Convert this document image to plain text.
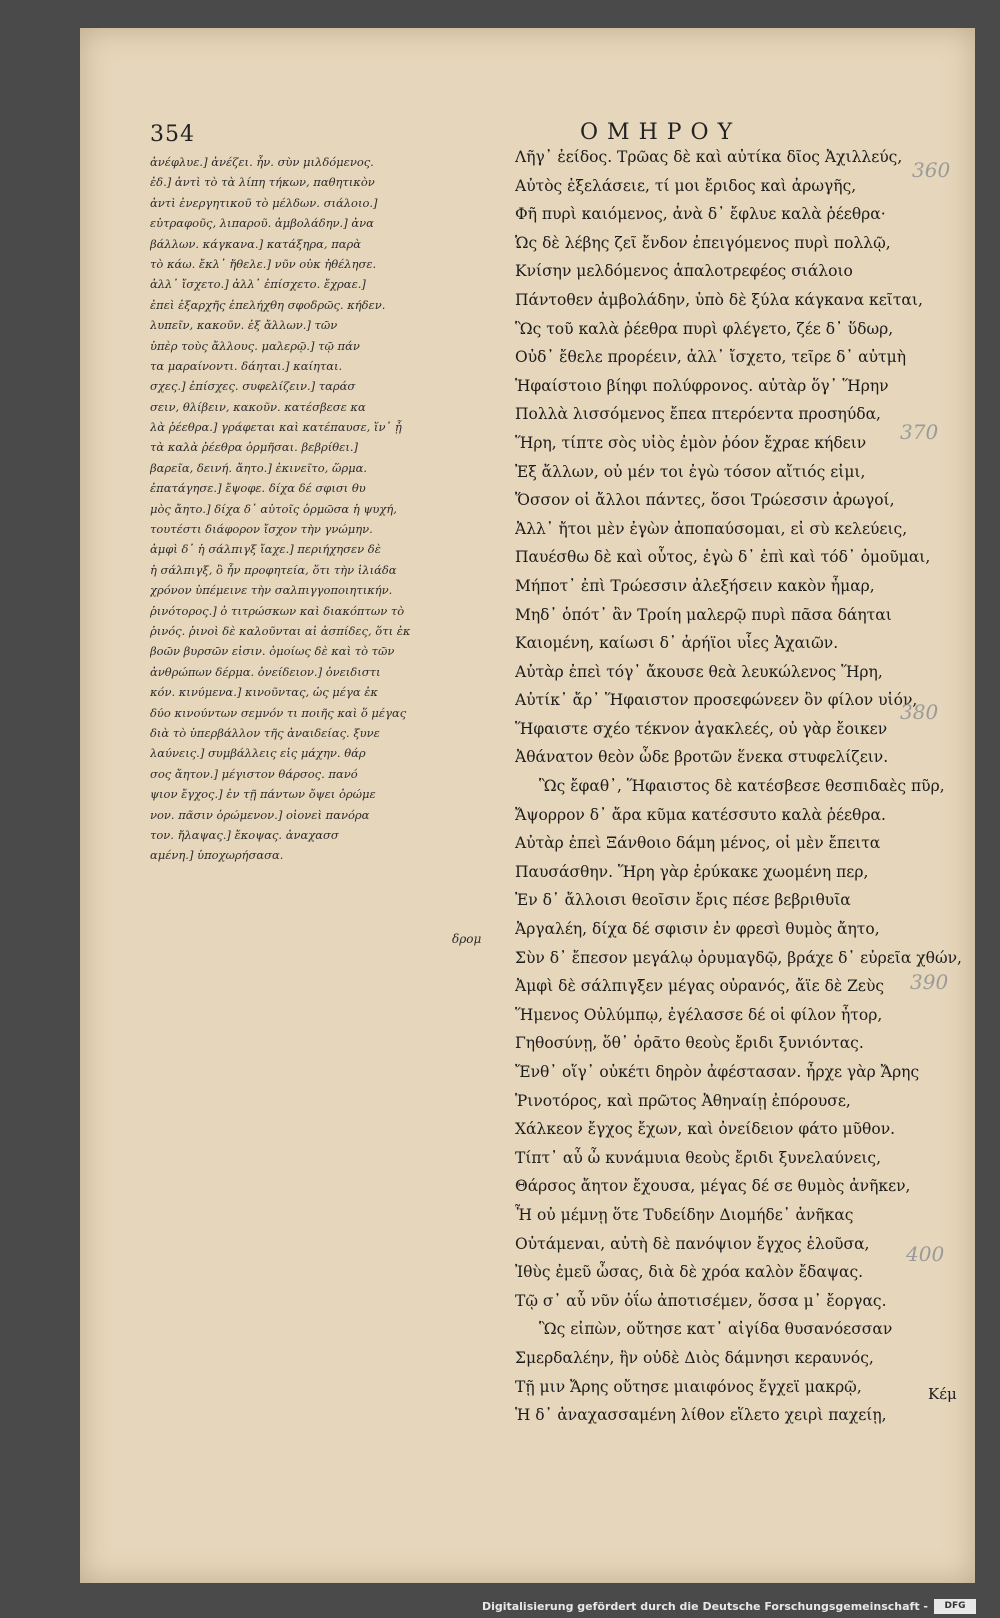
354	ΟΜΗΡΟΥ
ἀνέφλυε.] ἀνέζει. ἦν. σὺν μιλδόμενος.
ἐδ.] ἀντὶ τὸ τὰ λίπη τήκων, παθητικὸν
ἀντὶ ἐνεργητικοῦ τὸ μέλδων. σιάλοιο.]
εὐτραφοῦς, λιπαροῦ. ἀμβολάδην.] ἀνα
βάλλων. κάγκανα.] κατάξηρα, παρὰ
τὸ κάω. ἔκλ᾽ ἤθελε.] νῦν οὐκ ἠθέλησε.
ἀλλ᾽ ἴσχετο.] ἀλλ᾽ ἐπίσχετο. ἔχραε.]
ἐπεὶ ἐξαρχῆς ἐπελήχθη σφοδρῶς. κήδεν.
λυπεῖν, κακοῦν. ἐξ ἄλλων.] τῶν
ὑπὲρ τοὺς ἄλλους. μαλερῷ.] τῷ πάν
τα μαραίνοντι. δάηται.] καίηται.
σχες.] ἐπίσχες. συφελίζειν.] ταράσ
σειν, θλίβειν, κακοῦν. κατέσβεσε κα
λὰ ῥέεθρα.] γράφεται καὶ κατέπαυσε, ἵν᾽ ᾖ
τὰ καλὰ ῥέεθρα ὁρμῆσαι. βεβρίθει.]
βαρεῖα, δεινή. ἄητο.] ἐκινεῖτο, ὥρμα.
ἐπατάγησε.] ἔψοφε. δίχα δέ σφισι θυ
μὸς ἄητο.] δίχα δ᾽ αὐτοῖς ὁρμῶσα ἡ ψυχή,
τουτέστι διάφορον ἴσχον τὴν γνώμην.
ἀμφὶ δ᾽ ἡ σάλπιγξ ἴαχε.] περιήχησεν δὲ
ἡ σάλπιγξ, ὃ ἦν προφητεία, ὅτι τὴν ἰλιάδα
χρόνον ὑπέμεινε τὴν σαλπιγγοποιητικήν.
ῥινότορος.] ὁ τιτρώσκων καὶ διακόπτων τὸ
ῥινός. ῥινοὶ δὲ καλοῦνται αἱ ἀσπίδες, ὅτι ἐκ
βοῶν βυρσῶν εἰσιν. ὁμοίως δὲ καὶ τὸ τῶν
ἀνθρώπων δέρμα. ὀνείδειον.] ὀνειδιστι
κόν. κινύμενα.] κινοῦντας, ὡς μέγα ἐκ
δύο κινούντων σεμνόν τι ποιῆς καὶ ὅ μέγας
διὰ τὸ ὑπερβάλλον τῆς ἀναιδείας. ξυνε
λαύνεις.] συμβάλλεις εἰς μάχην. θάρ
σος ἄητον.] μέγιστον θάρσος. πανό
ψιον ἔγχος.] ἐν τῇ πάντων ὄψει ὁρώμε
νον. πᾶσιν ὁρώμενον.] οἱονεὶ πανόρα
τον. ἤλαψας.] ἔκοψας. ἀναχασσ
αμένη.] ὑποχωρήσασα.
δρομ
Λῆγ᾽ ἐείδος. Τρῶας δὲ καὶ αὐτίκα δῖος Ἀχιλλεύς,
Αὐτὸς ἐξελάσειε, τί μοι ἔριδος καὶ ἀρωγῆς,
Φῆ πυρὶ καιόμενος, ἀνὰ δ᾽ ἔφλυε καλὰ ῥέεθρα·
Ὡς δὲ λέβης ζεῖ ἔνδον ἐπειγόμενος πυρὶ πολλῷ,
Κνίσην μελδόμενος ἁπαλοτρεφέος σιάλοιο
Πάντοθεν ἀμβολάδην, ὑπὸ δὲ ξύλα κάγκανα κεῖται,
Ὣς τοῦ καλὰ ῥέεθρα πυρὶ φλέγετο, ζέε δ᾽ ὕδωρ,
Οὐδ᾽ ἔθελε προρέειν, ἀλλ᾽ ἴσχετο, τεῖρε δ᾽ αὐτμὴ
Ἡφαίστοιο βίηφι πολύφρονος. αὐτὰρ ὅγ᾽ Ἥρην
Πολλὰ λισσόμενος ἔπεα πτερόεντα προσηύδα,
Ἥρη, τίπτε σὸς υἱὸς ἐμὸν ῥόον ἔχραε κήδειν
Ἐξ ἄλλων, οὐ μέν τοι ἐγὼ τόσον αἴτιός εἰμι,
Ὅσσον οἱ ἄλλοι πάντες, ὅσοι Τρώεσσιν ἀρωγοί,
Ἀλλ᾽ ἤτοι μὲν ἐγὼν ἀποπαύσομαι, εἰ σὺ κελεύεις,
Παυέσθω δὲ καὶ οὗτος, ἐγὼ δ᾽ ἐπὶ καὶ τόδ᾽ ὀμοῦμαι,
Μήποτ᾽ ἐπὶ Τρώεσσιν ἀλεξήσειν κακὸν ἦμαρ,
Μηδ᾽ ὁπότ᾽ ἂν Τροίη μαλερῷ πυρὶ πᾶσα δάηται
Καιομένη, καίωσι δ᾽ ἀρήϊοι υἷες Ἀχαιῶν.
Αὐτὰρ ἐπεὶ τόγ᾽ ἄκουσε θεὰ λευκώλενος Ἥρη,
Αὐτίκ᾽ ἄρ᾽ Ἥφαιστον προσεφώνεεν ὃν φίλον υἱόν,
Ἥφαιστε σχέο τέκνον ἀγακλεές, οὐ γὰρ ἔοικεν
Ἀθάνατον θεὸν ὧδε βροτῶν ἕνεκα στυφελίζειν.
Ὣς ἔφαθ᾽, Ἥφαιστος δὲ κατέσβεσε θεσπιδαὲς πῦρ,
Ἄψορρον δ᾽ ἄρα κῦμα κατέσσυτο καλὰ ῥέεθρα.
Αὐτὰρ ἐπεὶ Ξάνθοιο δάμη μένος, οἱ μὲν ἔπειτα
Παυσάσθην. Ἥρη γὰρ ἐρύκακε χωομένη περ,
Ἐν δ᾽ ἄλλοισι θεοῖσιν ἔρις πέσε βεβριθυῖα
Ἀργαλέη, δίχα δέ σφισιν ἐν φρεσὶ θυμὸς ἄητο,
Σὺν δ᾽ ἔπεσον μεγάλῳ ὀρυμαγδῷ, βράχε δ᾽ εὐρεῖα χθών,
Ἀμφὶ δὲ σάλπιγξεν μέγας οὐρανός, ἄϊε δὲ Ζεὺς
Ἥμενος Οὐλύμπῳ, ἐγέλασσε δέ οἱ φίλον ἦτορ,
Γηθοσύνῃ, ὅθ᾽ ὁρᾶτο θεοὺς ἔριδι ξυνιόντας.
Ἔνθ᾽ οἵγ᾽ οὐκέτι δηρὸν ἀφέστασαν. ἦρχε γὰρ Ἄρης
Ῥινοτόρος, καὶ πρῶτος Ἀθηναίῃ ἐπόρουσε,
Χάλκεον ἔγχος ἔχων, καὶ ὀνείδειον φάτο μῦθον.
Τίπτ᾽ αὖ ὦ κυνάμυια θεοὺς ἔριδι ξυνελαύνεις,
Θάρσος ἄητον ἔχουσα, μέγας δέ σε θυμὸς ἀνῆκεν,
Ἦ οὐ μέμνῃ ὅτε Τυδείδην Διομήδε᾽ ἀνῆκας
Οὐτάμεναι, αὐτὴ δὲ πανόψιον ἔγχος ἑλοῦσα,
Ἰθὺς ἐμεῦ ὦσας, διὰ δὲ χρόα καλὸν ἔδαψας.
Τῷ σ᾽ αὖ νῦν ὀΐω ἀποτισέμεν, ὅσσα μ᾽ ἔοργας.
Ὣς εἰπὼν, οὔτησε κατ᾽ αἰγίδα θυσανόεσσαν
Σμερδαλέην, ἣν οὐδὲ Διὸς δάμνησι κεραυνός,
Τῇ μιν Ἄρης οὔτησε μιαιφόνος ἔγχεϊ μακρῷ,
Ἡ δ᾽ ἀναχασσαμένη λίθον εἵλετο χειρὶ παχείῃ,
360
370
380
390
400
Κέμ
Digitalisierung gefördert durch die Deutsche Forschungsgemeinschaft -	DFG
